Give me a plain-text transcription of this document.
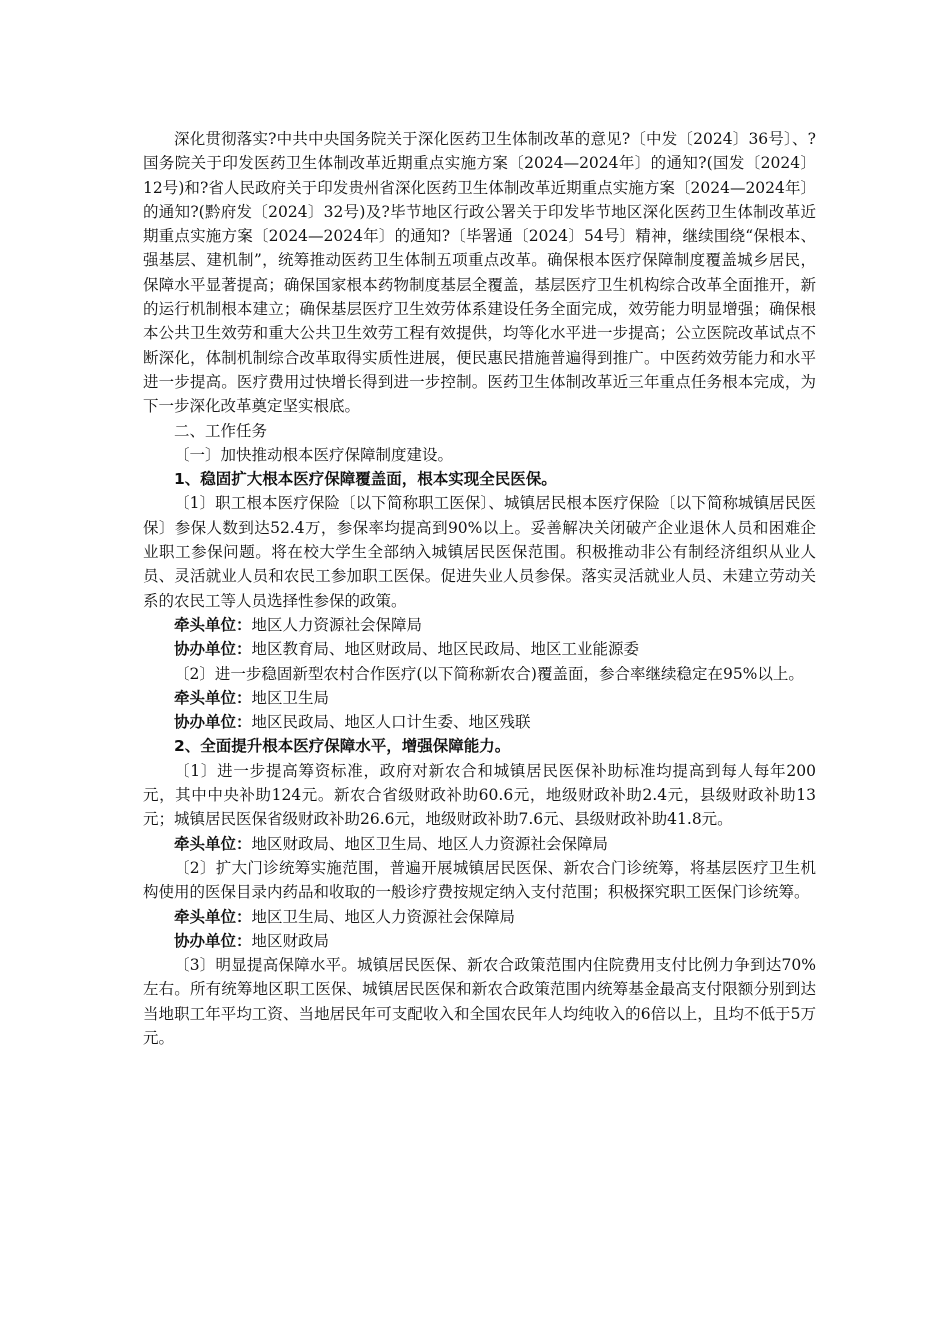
深化贯彻落实?中共中央国务院关于深化医药卫生体制改革的意见?〔中发〔2024〕36号〕、?国务院关于印发医药卫生体制改革近期重点实施方案〔2024—2024年〕的通知?(国发〔2024〕12号)和?省人民政府关于印发贵州省深化医药卫生体制改革近期重点实施方案〔2024—2024年〕的通知?(黔府发〔2024〕32号)及?毕节地区行政公署关于印发毕节地区深化医药卫生体制改革近期重点实施方案〔2024—2024年〕的通知?〔毕署通〔2024〕54号〕精神，继续围绕“保根本、强基层、建机制”，统筹推动医药卫生体制五项重点改革。确保根本医疗保障制度覆盖城乡居民，保障水平显著提高；确保国家根本药物制度基层全覆盖，基层医疗卫生机构综合改革全面推开，新的运行机制根本建立；确保基层医疗卫生效劳体系建设任务全面完成，效劳能力明显增强；确保根本公共卫生效劳和重大公共卫生效劳工程有效提供，均等化水平进一步提高；公立医院改革试点不断深化，体制机制综合改革取得实质性进展，便民惠民措施普遍得到推广。中医药效劳能力和水平进一步提高。医疗费用过快增长得到进一步控制。医药卫生体制改革近三年重点任务根本完成，为下一步深化改革奠定坚实根底。

二、工作任务

〔一〕加快推动根本医疗保障制度建设。

1、稳固扩大根本医疗保障覆盖面，根本实现全民医保。

〔1〕职工根本医疗保险〔以下简称职工医保〕、城镇居民根本医疗保险〔以下简称城镇居民医保〕参保人数到达52.4万，参保率均提高到90%以上。妥善解决关闭破产企业退休人员和困难企业职工参保问题。将在校大学生全部纳入城镇居民医保范围。积极推动非公有制经济组织从业人员、灵活就业人员和农民工参加职工医保。促进失业人员参保。落实灵活就业人员、未建立劳动关系的农民工等人员选择性参保的政策。

牵头单位：地区人力资源社会保障局

协办单位：地区教育局、地区财政局、地区民政局、地区工业能源委

〔2〕进一步稳固新型农村合作医疗(以下简称新农合)覆盖面，参合率继续稳定在95%以上。

牵头单位：地区卫生局

协办单位：地区民政局、地区人口计生委、地区残联

2、全面提升根本医疗保障水平，增强保障能力。

〔1〕进一步提高筹资标准，政府对新农合和城镇居民医保补助标准均提高到每人每年200元，其中中央补助124元。新农合省级财政补助60.6元，地级财政补助2.4元，县级财政补助13元；城镇居民医保省级财政补助26.6元，地级财政补助7.6元、县级财政补助41.8元。

牵头单位：地区财政局、地区卫生局、地区人力资源社会保障局

〔2〕扩大门诊统筹实施范围，普遍开展城镇居民医保、新农合门诊统筹，将基层医疗卫生机构使用的医保目录内药品和收取的一般诊疗费按规定纳入支付范围；积极探究职工医保门诊统筹。

牵头单位：地区卫生局、地区人力资源社会保障局

协办单位：地区财政局

〔3〕明显提高保障水平。城镇居民医保、新农合政策范围内住院费用支付比例力争到达70%左右。所有统筹地区职工医保、城镇居民医保和新农合政策范围内统筹基金最高支付限额分别到达当地职工年平均工资、当地居民年可支配收入和全国农民年人均纯收入的6倍以上，且均不低于5万元。
